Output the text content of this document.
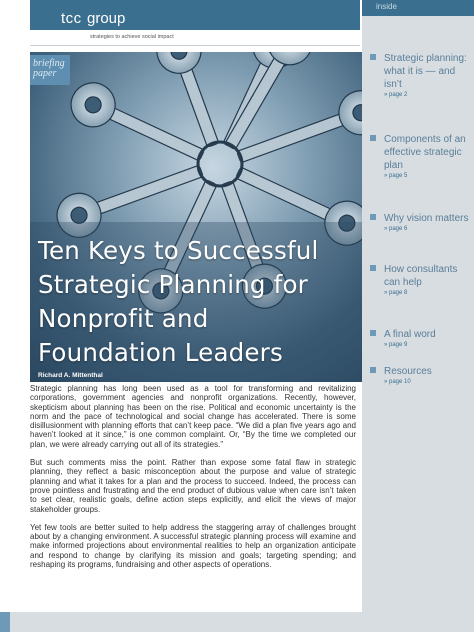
tcc group
strategies to achieve social impact
briefing
paper
Ten Keys to Successful
Strategic Planning for
Nonprofit and
Foundation Leaders
Richard A. Mittenthal

Strategic planning has long been used as a tool for transforming and revitalizing corporations, government agencies and nonprofit organizations. Recently, however, skepticism about planning has been on the rise. Political and economic uncertainty is the norm and the pace of technological and social change has accelerated. There is some disillusionment with planning efforts that can’t keep pace. “We did a plan five years ago and haven’t looked at it since,” is one common complaint. Or, “By the time we completed our plan, we were already carrying out all of its strategies.”

But such comments miss the point. Rather than expose some fatal flaw in strategic planning, they reflect a basic misconception about the purpose and value of strategic planning and what it takes for a plan and the process to succeed. Indeed, the process can prove pointless and frustrating and the end product of dubious value when care isn’t taken to set clear, realistic goals, define action steps explicitly, and elicit the views of major stakeholder groups.

Yet few tools are better suited to help address the staggering array of challenges brought about by a changing environment. A successful strategic planning process will examine and make informed projections about environmental realities to help an organization anticipate and respond to change by clarifying its mission and goals; targeting spending; and reshaping its programs, fundraising and other aspects of operations.

inside
Strategic planning: what it is — and isn’t
» page 2
Components of an effective strategic plan
» page 5
Why vision matters
» page 6
How consultants can help
» page 8
A final word
» page 9
Resources
» page 10
